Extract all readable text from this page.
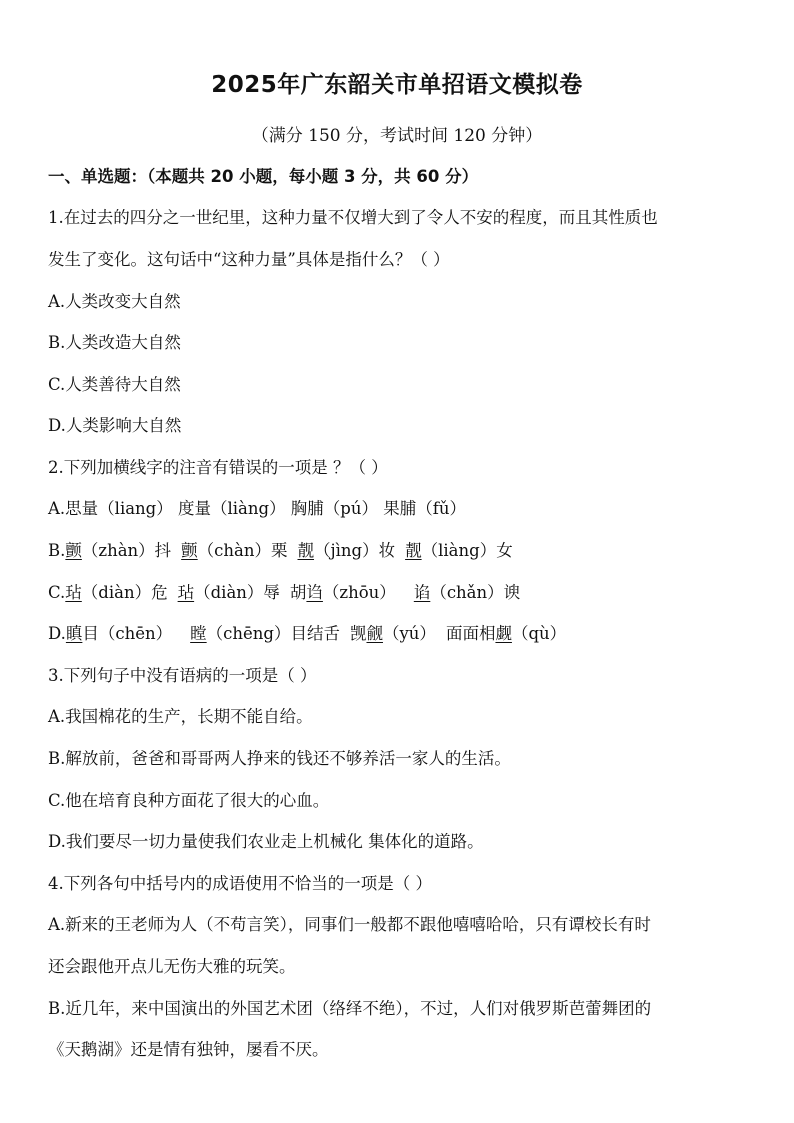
2025年广东韶关市单招语文模拟卷
（满分 150 分，考试时间 120 分钟）
一、单选题：（本题共 20 小题，每小题 3 分，共 60 分）
1.在过去的四分之一世纪里，这种力量不仅增大到了令人不安的程度，而且其性质也
发生了变化。这句话中“这种力量”具体是指什么？（ ）
A.人类改变大自然
B.人类改造大自然
C.人类善待大自然
D.人类影响大自然
2.下列加横线字的注音有错误的一项是 ？（ ）
A.思量（liang） 度量（liàng） 胸脯（pú） 果脯（fǔ）
B.颤（zhàn）抖 颤（chàn）栗 靓（jìng）妆 靓（liàng）女
C.玷（diàn）危 玷（diàn）辱 胡诌（zhōu） 谄（chǎn）谀
D.瞋目（chēn） 瞠（chēng）目结舌 觊觎（yú） 面面相觑（qù）
3.下列句子中没有语病的一项是（ ）
A.我国棉花的生产，长期不能自给。
B.解放前，爸爸和哥哥两人挣来的钱还不够养活一家人的生活。
C.他在培育良种方面花了很大的心血。
D.我们要尽一切力量使我们农业走上机械化 集体化的道路。
4.下列各句中括号内的成语使用不恰当的一项是（ ）
A.新来的王老师为人（不苟言笑），同事们一般都不跟他嘻嘻哈哈，只有谭校长有时
还会跟他开点儿无伤大雅的玩笑。
B.近几年，来中国演出的外国艺术团（络绎不绝），不过，人们对俄罗斯芭蕾舞团的
《天鹅湖》还是情有独钟，屡看不厌。
